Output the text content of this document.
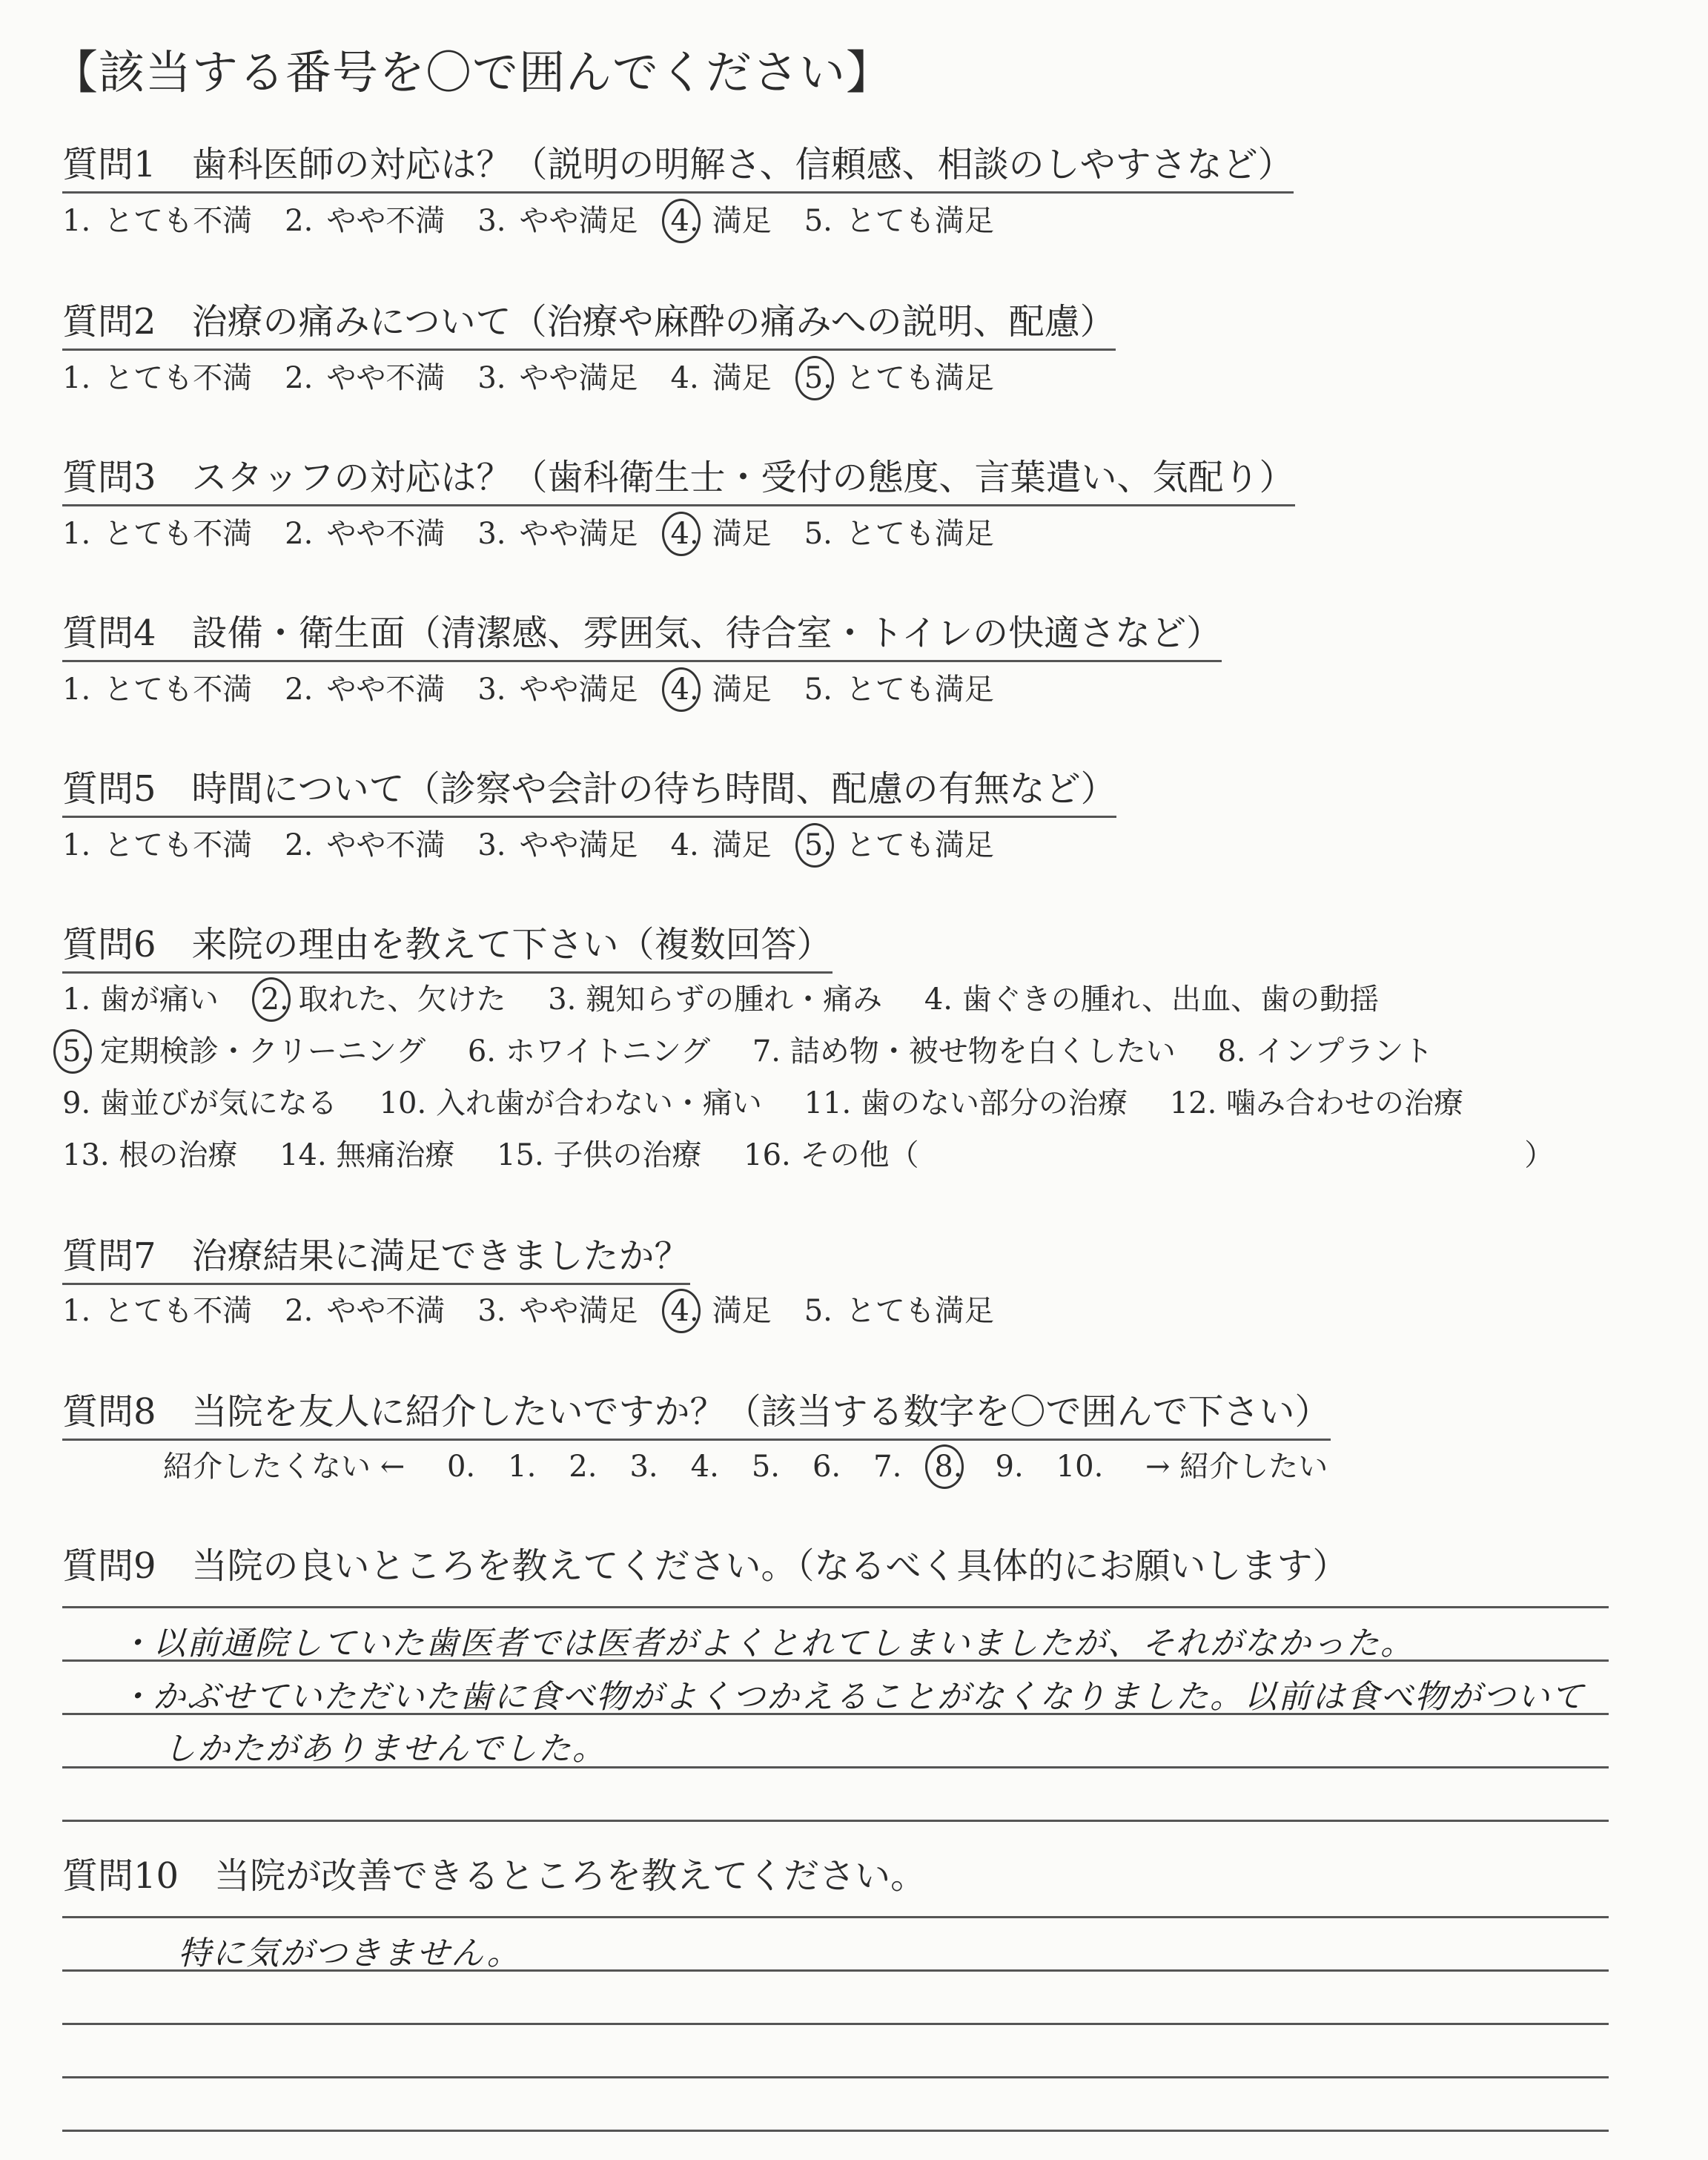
【該当する番号を〇で囲んでください】
質問1　歯科医師の対応は？（説明の明解さ、信頼感、相談のしやすさなど）
1. とても不満 2. やや不満 3. やや満足 4. 満足 5. とても満足
質問2　治療の痛みについて（治療や麻酔の痛みへの説明、配慮）
1. とても不満 2. やや不満 3. やや満足 4. 満足 5. とても満足
質問3　スタッフの対応は？（歯科衛生士・受付の態度、言葉遣い、気配り）
1. とても不満 2. やや不満 3. やや満足 4. 満足 5. とても満足
質問4　設備・衛生面（清潔感、雰囲気、待合室・トイレの快適さなど）
1. とても不満 2. やや不満 3. やや満足 4. 満足 5. とても満足
質問5　時間について（診察や会計の待ち時間、配慮の有無など）
1. とても不満 2. やや不満 3. やや満足 4. 満足 5. とても満足
質問6　来院の理由を教えて下さい（複数回答）
1. 歯が痛い 2. 取れた、欠けた 3. 親知らずの腫れ・痛み 4. 歯ぐきの腫れ、出血、歯の動揺
5. 定期検診・クリーニング 6. ホワイトニング 7. 詰め物・被せ物を白くしたい 8. インプラント
9. 歯並びが気になる 10. 入れ歯が合わない・痛い 11. 歯のない部分の治療 12. 噛み合わせの治療
13. 根の治療 14. 無痛治療 15. 子供の治療 16. その他（	）
質問7　治療結果に満足できましたか？
1. とても不満 2. やや不満 3. やや満足 4. 満足 5. とても満足
質問8　当院を友人に紹介したいですか？（該当する数字を〇で囲んで下さい）
紹介したくない ← 0. 1. 2. 3. 4. 5. 6. 7. 8. 9. 10. → 紹介したい
質問9　当院の良いところを教えてください。（なるべく具体的にお願いします）
・以前通院していた歯医者では医者がよくとれてしまいましたが、それがなかった。
・かぶせていただいた歯に食べ物がよくつかえることがなくなりました。以前は食べ物がついて
しかたがありませんでした。
質問10　当院が改善できるところを教えてください。
特に気がつきません。
